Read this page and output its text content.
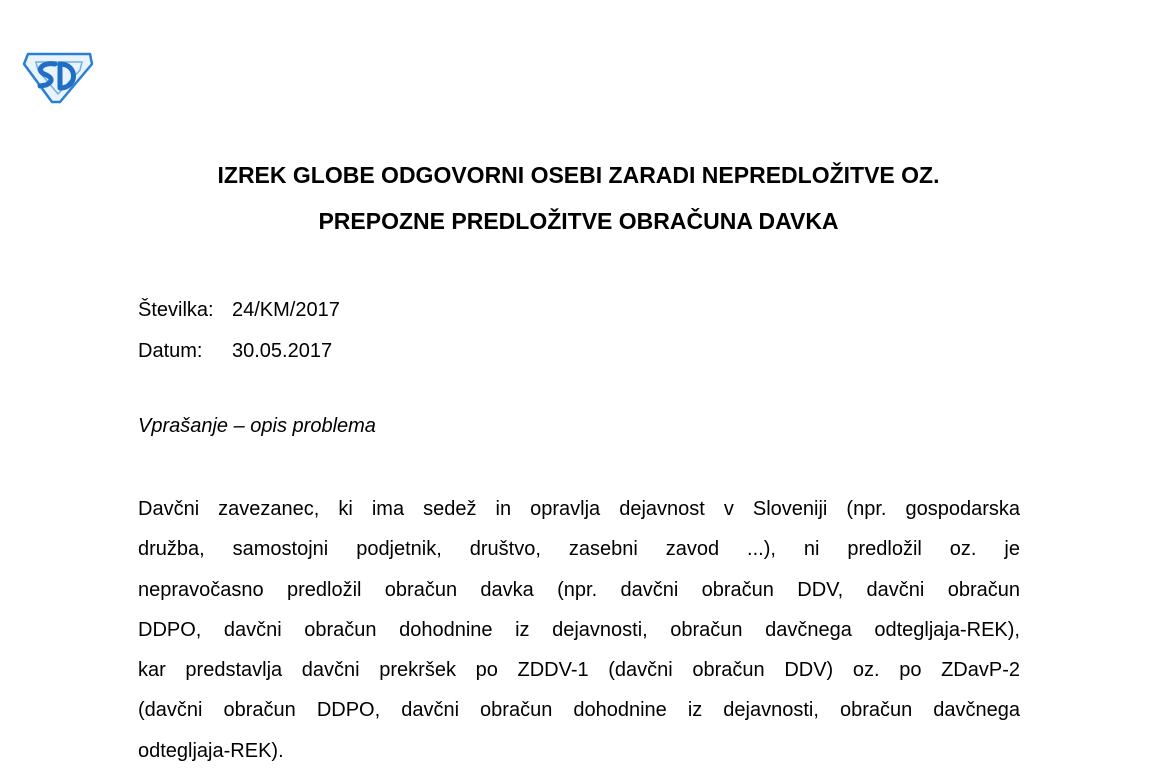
IZREK GLOBE ODGOVORNI OSEBI ZARADI NEPREDLOŽITVE OZ.
PREPOZNE PREDLOŽITVE OBRAČUNA DAVKA
Številka: 24/KM/2017
Datum:	30.05.2017

Vprašanje – opis problema

Davčni zavezanec, ki ima sedež in opravlja dejavnost v Sloveniji (npr. gospodarska
družba, samostojni podjetnik, društvo, zasebni zavod ...), ni predložil oz. je
nepravočasno predložil obračun davka (npr. davčni obračun DDV, davčni obračun
DDPO, davčni obračun dohodnine iz dejavnosti, obračun davčnega odtegljaja-REK),
kar predstavlja davčni prekršek po ZDDV-1 (davčni obračun DDV) oz. po ZDavP-2
(davčni obračun DDPO, davčni obračun dohodnine iz dejavnosti, obračun davčnega
odtegljaja-REK).
